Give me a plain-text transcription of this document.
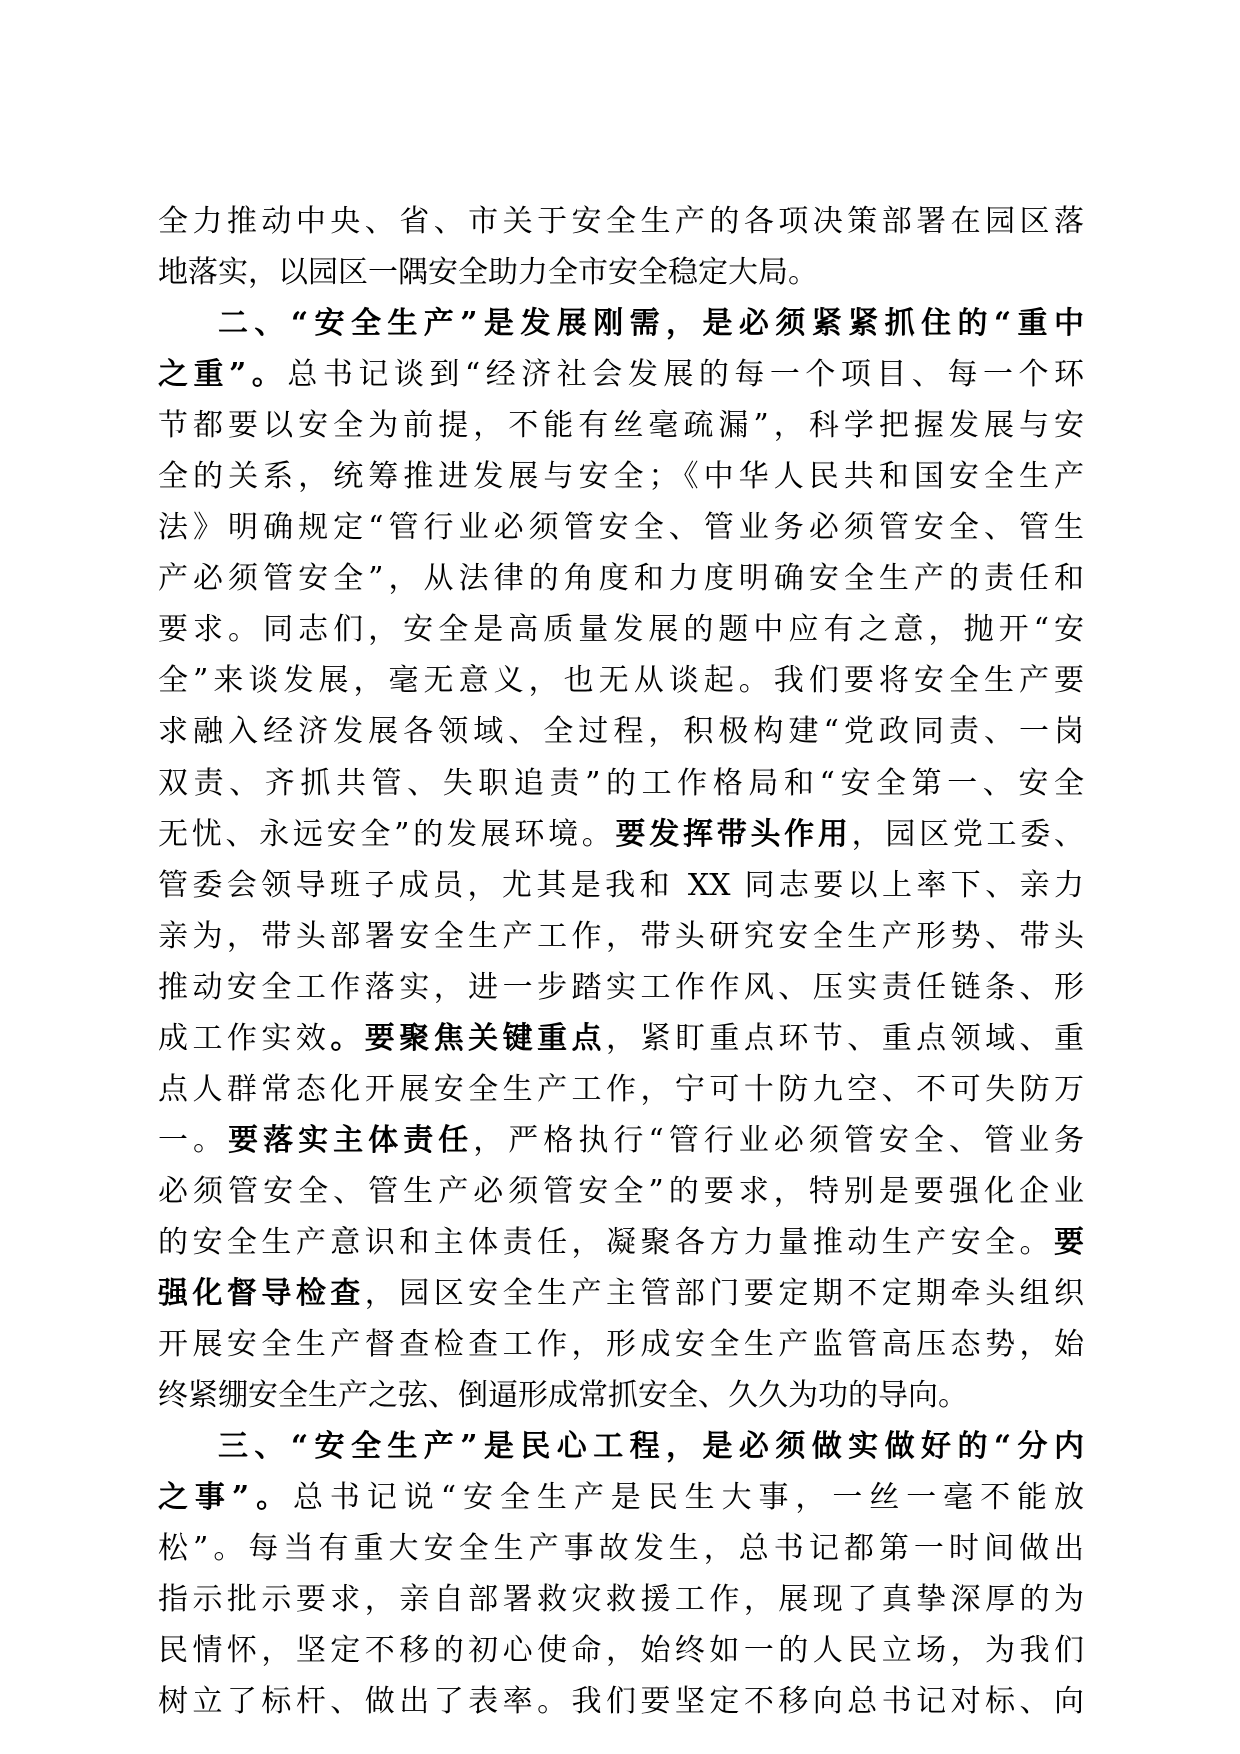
全力推动中央、省、市关于安全生产的各项决策部署在园区落
地落实，以园区一隅安全助力全市安全稳定大局。
二、“安全生产”是发展刚需，是必须紧紧抓住的“重中
之重”。总书记谈到“经济社会发展的每一个项目、每一个环
节都要以安全为前提，不能有丝毫疏漏”，科学把握发展与安
全的关系，统筹推进发展与安全；《中华人民共和国安全生产
法》明确规定“管行业必须管安全、管业务必须管安全、管生
产必须管安全”，从法律的角度和力度明确安全生产的责任和
要求。同志们，安全是高质量发展的题中应有之意，抛开“安
全”来谈发展，毫无意义，也无从谈起。我们要将安全生产要
求融入经济发展各领域、全过程，积极构建“党政同责、一岗
双责、齐抓共管、失职追责”的工作格局和“安全第一、安全
无忧、永远安全”的发展环境。要发挥带头作用，园区党工委、
管委会领导班子成员，尤其是我和 XX 同志要以上率下、亲力
亲为，带头部署安全生产工作，带头研究安全生产形势、带头
推动安全工作落实，进一步踏实工作作风、压实责任链条、形
成工作实效。要聚焦关键重点，紧盯重点环节、重点领域、重
点人群常态化开展安全生产工作，宁可十防九空、不可失防万
一。要落实主体责任，严格执行“管行业必须管安全、管业务
必须管安全、管生产必须管安全”的要求，特别是要强化企业
的安全生产意识和主体责任，凝聚各方力量推动生产安全。要
强化督导检查，园区安全生产主管部门要定期不定期牵头组织
开展安全生产督查检查工作，形成安全生产监管高压态势，始
终紧绷安全生产之弦、倒逼形成常抓安全、久久为功的导向。
三、“安全生产”是民心工程，是必须做实做好的“分内
之事”。总书记说“安全生产是民生大事，一丝一毫不能放
松”。每当有重大安全生产事故发生，总书记都第一时间做出
指示批示要求，亲自部署救灾救援工作，展现了真挚深厚的为
民情怀，坚定不移的初心使命，始终如一的人民立场，为我们
树立了标杆、做出了表率。我们要坚定不移向总书记对标、向
